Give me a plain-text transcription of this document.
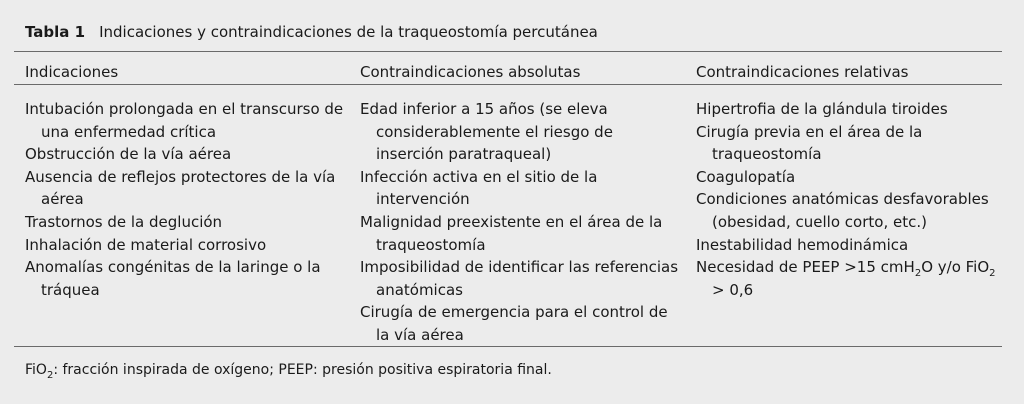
Tabla 1 Indicaciones y contraindicaciones de la traqueostomía percutánea
Indicaciones	Contraindicaciones absolutas	Contraindicaciones relativas
Intubación prolongada en el transcurso de una enfermedad crítica
Obstrucción de la vía aérea
Ausencia de reflejos protectores de la vía aérea
Trastornos de la deglución
Inhalación de material corrosivo
Anomalías congénitas de la laringe o la tráquea
Edad inferior a 15 años (se eleva considerablemente el riesgo de inserción paratraqueal)
Infección activa en el sitio de la intervención
Malignidad preexistente en el área de la traqueostomía
Imposibilidad de identificar las referencias anatómicas
Cirugía de emergencia para el control de la vía aérea
Hipertrofia de la glándula tiroides
Cirugía previa en el área de la traqueostomía
Coagulopatía
Condiciones anatómicas desfavorables (obesidad, cuello corto, etc.)
Inestabilidad hemodinámica
Necesidad de PEEP >15 cmH$_2$O y/o FiO$_2$ > 0,6
FiO$_2$: fracción inspirada de oxígeno; PEEP: presión positiva espiratoria final.
